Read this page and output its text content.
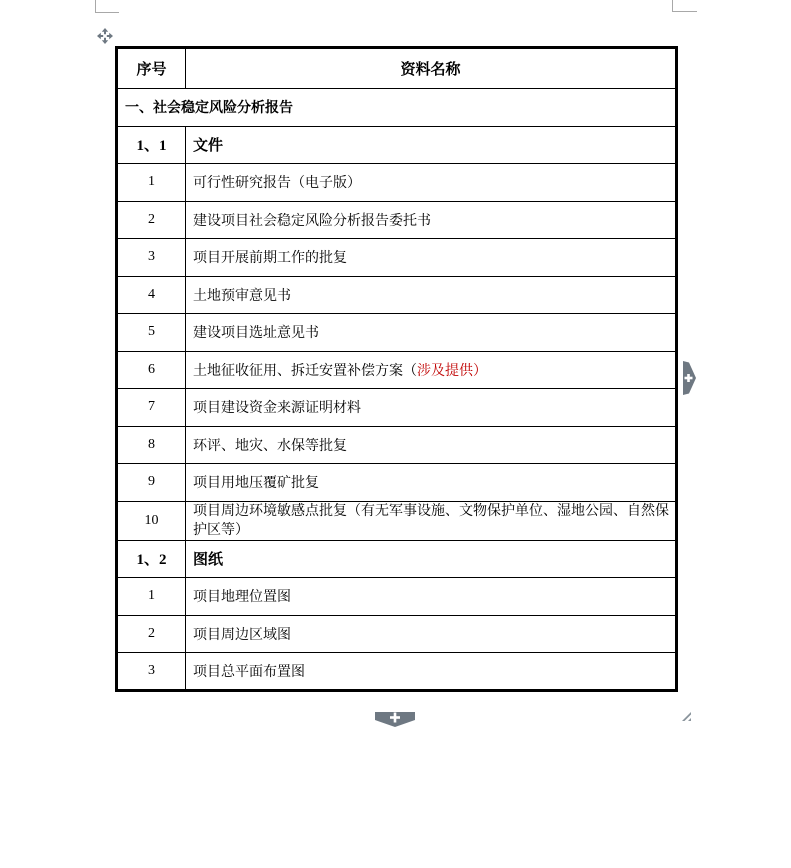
序号	资料名称
一、社会稳定风险分析报告	
1、1	文件
1	可行性研究报告（电子版）
2	建设项目社会稳定风险分析报告委托书
3	项目开展前期工作的批复
4	土地预审意见书
5	建设项目选址意见书
6	土地征收征用、拆迁安置补偿方案（涉及提供）
7	项目建设资金来源证明材料
8	环评、地灾、水保等批复
9	项目用地压覆矿批复
10	项目周边环境敏感点批复（有无军事设施、文物保护单位、湿地公园、自然保护区等）
1、2	图纸
1	项目地理位置图
2	项目周边区域图
3	项目总平面布置图
